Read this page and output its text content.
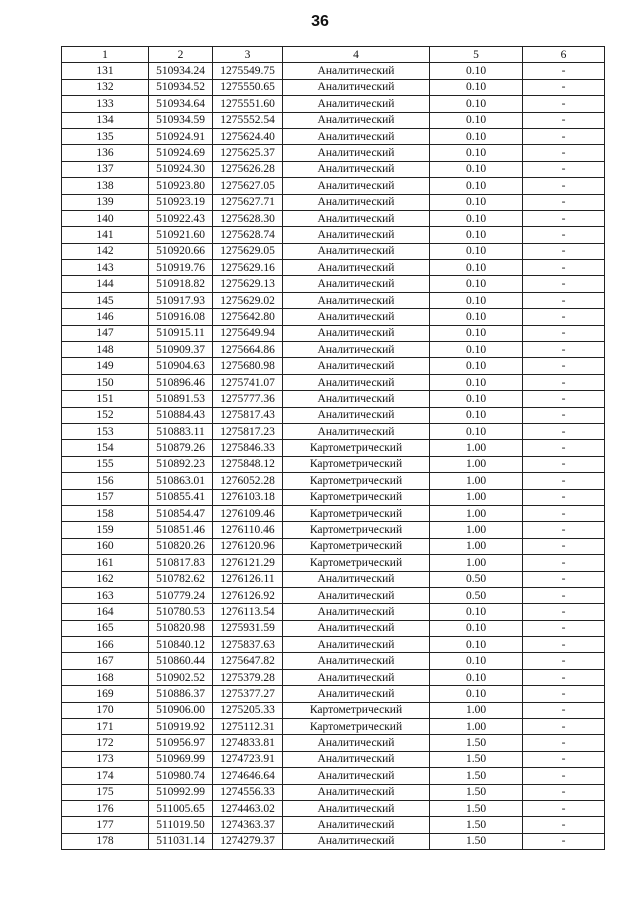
36
1	2	3	4	5	6
131	510934.24	1275549.75	Аналитический	0.10	-
132	510934.52	1275550.65	Аналитический	0.10	-
133	510934.64	1275551.60	Аналитический	0.10	-
134	510934.59	1275552.54	Аналитический	0.10	-
135	510924.91	1275624.40	Аналитический	0.10	-
136	510924.69	1275625.37	Аналитический	0.10	-
137	510924.30	1275626.28	Аналитический	0.10	-
138	510923.80	1275627.05	Аналитический	0.10	-
139	510923.19	1275627.71	Аналитический	0.10	-
140	510922.43	1275628.30	Аналитический	0.10	-
141	510921.60	1275628.74	Аналитический	0.10	-
142	510920.66	1275629.05	Аналитический	0.10	-
143	510919.76	1275629.16	Аналитический	0.10	-
144	510918.82	1275629.13	Аналитический	0.10	-
145	510917.93	1275629.02	Аналитический	0.10	-
146	510916.08	1275642.80	Аналитический	0.10	-
147	510915.11	1275649.94	Аналитический	0.10	-
148	510909.37	1275664.86	Аналитический	0.10	-
149	510904.63	1275680.98	Аналитический	0.10	-
150	510896.46	1275741.07	Аналитический	0.10	-
151	510891.53	1275777.36	Аналитический	0.10	-
152	510884.43	1275817.43	Аналитический	0.10	-
153	510883.11	1275817.23	Аналитический	0.10	-
154	510879.26	1275846.33	Картометрический	1.00	-
155	510892.23	1275848.12	Картометрический	1.00	-
156	510863.01	1276052.28	Картометрический	1.00	-
157	510855.41	1276103.18	Картометрический	1.00	-
158	510854.47	1276109.46	Картометрический	1.00	-
159	510851.46	1276110.46	Картометрический	1.00	-
160	510820.26	1276120.96	Картометрический	1.00	-
161	510817.83	1276121.29	Картометрический	1.00	-
162	510782.62	1276126.11	Аналитический	0.50	-
163	510779.24	1276126.92	Аналитический	0.50	-
164	510780.53	1276113.54	Аналитический	0.10	-
165	510820.98	1275931.59	Аналитический	0.10	-
166	510840.12	1275837.63	Аналитический	0.10	-
167	510860.44	1275647.82	Аналитический	0.10	-
168	510902.52	1275379.28	Аналитический	0.10	-
169	510886.37	1275377.27	Аналитический	0.10	-
170	510906.00	1275205.33	Картометрический	1.00	-
171	510919.92	1275112.31	Картометрический	1.00	-
172	510956.97	1274833.81	Аналитический	1.50	-
173	510969.99	1274723.91	Аналитический	1.50	-
174	510980.74	1274646.64	Аналитический	1.50	-
175	510992.99	1274556.33	Аналитический	1.50	-
176	511005.65	1274463.02	Аналитический	1.50	-
177	511019.50	1274363.37	Аналитический	1.50	-
178	511031.14	1274279.37	Аналитический	1.50	-
